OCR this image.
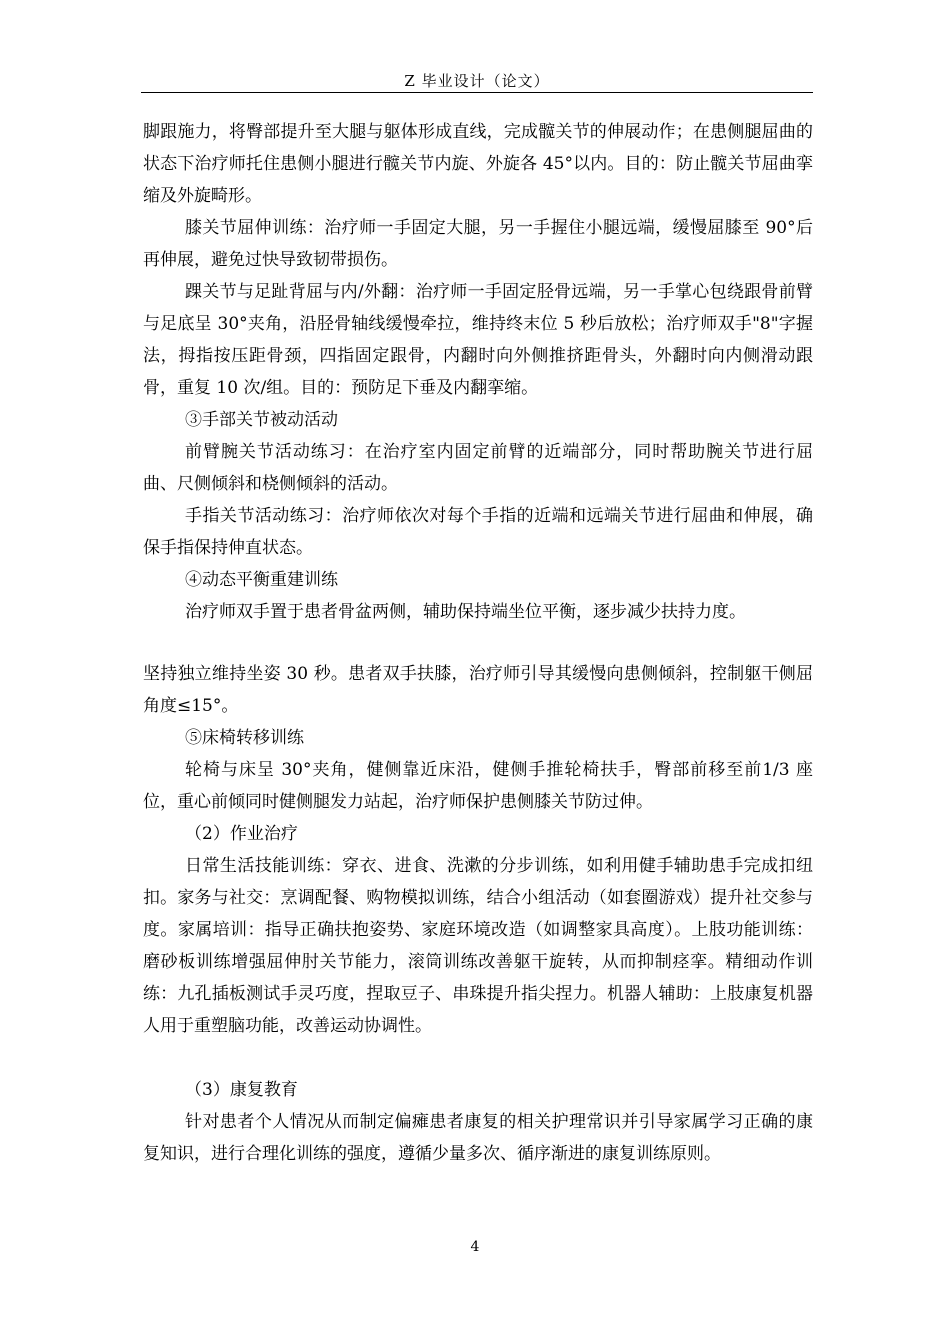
Z 毕业设计（论文）

脚跟施力，将臀部提升至大腿与躯体形成直线，完成髋关节的伸展动作；在患侧腿屈曲的状态下治疗师托住患侧小腿进行髋关节内旋、外旋各 45°以内。目的：防止髋关节屈曲挛缩及外旋畸形。

膝关节屈伸训练：治疗师一手固定大腿，另一手握住小腿远端，缓慢屈膝至 90°后再伸展，避免过快导致韧带损伤。

踝关节与足趾背屈与内/外翻：治疗师一手固定胫骨远端，另一手掌心包绕跟骨前臂与足底呈 30°夹角，沿胫骨轴线缓慢牵拉，维持终末位 5 秒后放松；治疗师双手"8"字握法，拇指按压距骨颈，四指固定跟骨，内翻时向外侧推挤距骨头，外翻时向内侧滑动跟骨，重复 10 次/组。目的：预防足下垂及内翻挛缩。

③手部关节被动活动

前臂腕关节活动练习：在治疗室内固定前臂的近端部分，同时帮助腕关节进行屈曲、尺侧倾斜和桡侧倾斜的活动。

手指关节活动练习：治疗师依次对每个手指的近端和远端关节进行屈曲和伸展，确保手指保持伸直状态。

④动态平衡重建训练

治疗师双手置于患者骨盆两侧，辅助保持端坐位平衡，逐步减少扶持力度。

坚持独立维持坐姿 30 秒。患者双手扶膝，治疗师引导其缓慢向患侧倾斜，控制躯干侧屈角度≤15°。

⑤床椅转移训练

轮椅与床呈 30°夹角，健侧靠近床沿，健侧手推轮椅扶手，臀部前移至前1/3 座位，重心前倾同时健侧腿发力站起，治疗师保护患侧膝关节防过伸。

（2）作业治疗

日常生活技能训练：穿衣、进食、洗漱的分步训练，如利用健手辅助患手完成扣纽扣。家务与社交：烹调配餐、购物模拟训练，结合小组活动（如套圈游戏）提升社交参与度。家属培训：指导正确扶抱姿势、家庭环境改造（如调整家具高度）。上肢功能训练：磨砂板训练增强屈伸肘关节能力，滚筒训练改善躯干旋转，从而抑制痉挛。精细动作训练：九孔插板测试手灵巧度，捏取豆子、串珠提升指尖捏力。机器人辅助：上肢康复机器人用于重塑脑功能，改善运动协调性。

（3）康复教育

针对患者个人情况从而制定偏瘫患者康复的相关护理常识并引导家属学习正确的康复知识，进行合理化训练的强度，遵循少量多次、循序渐进的康复训练原则。

4
